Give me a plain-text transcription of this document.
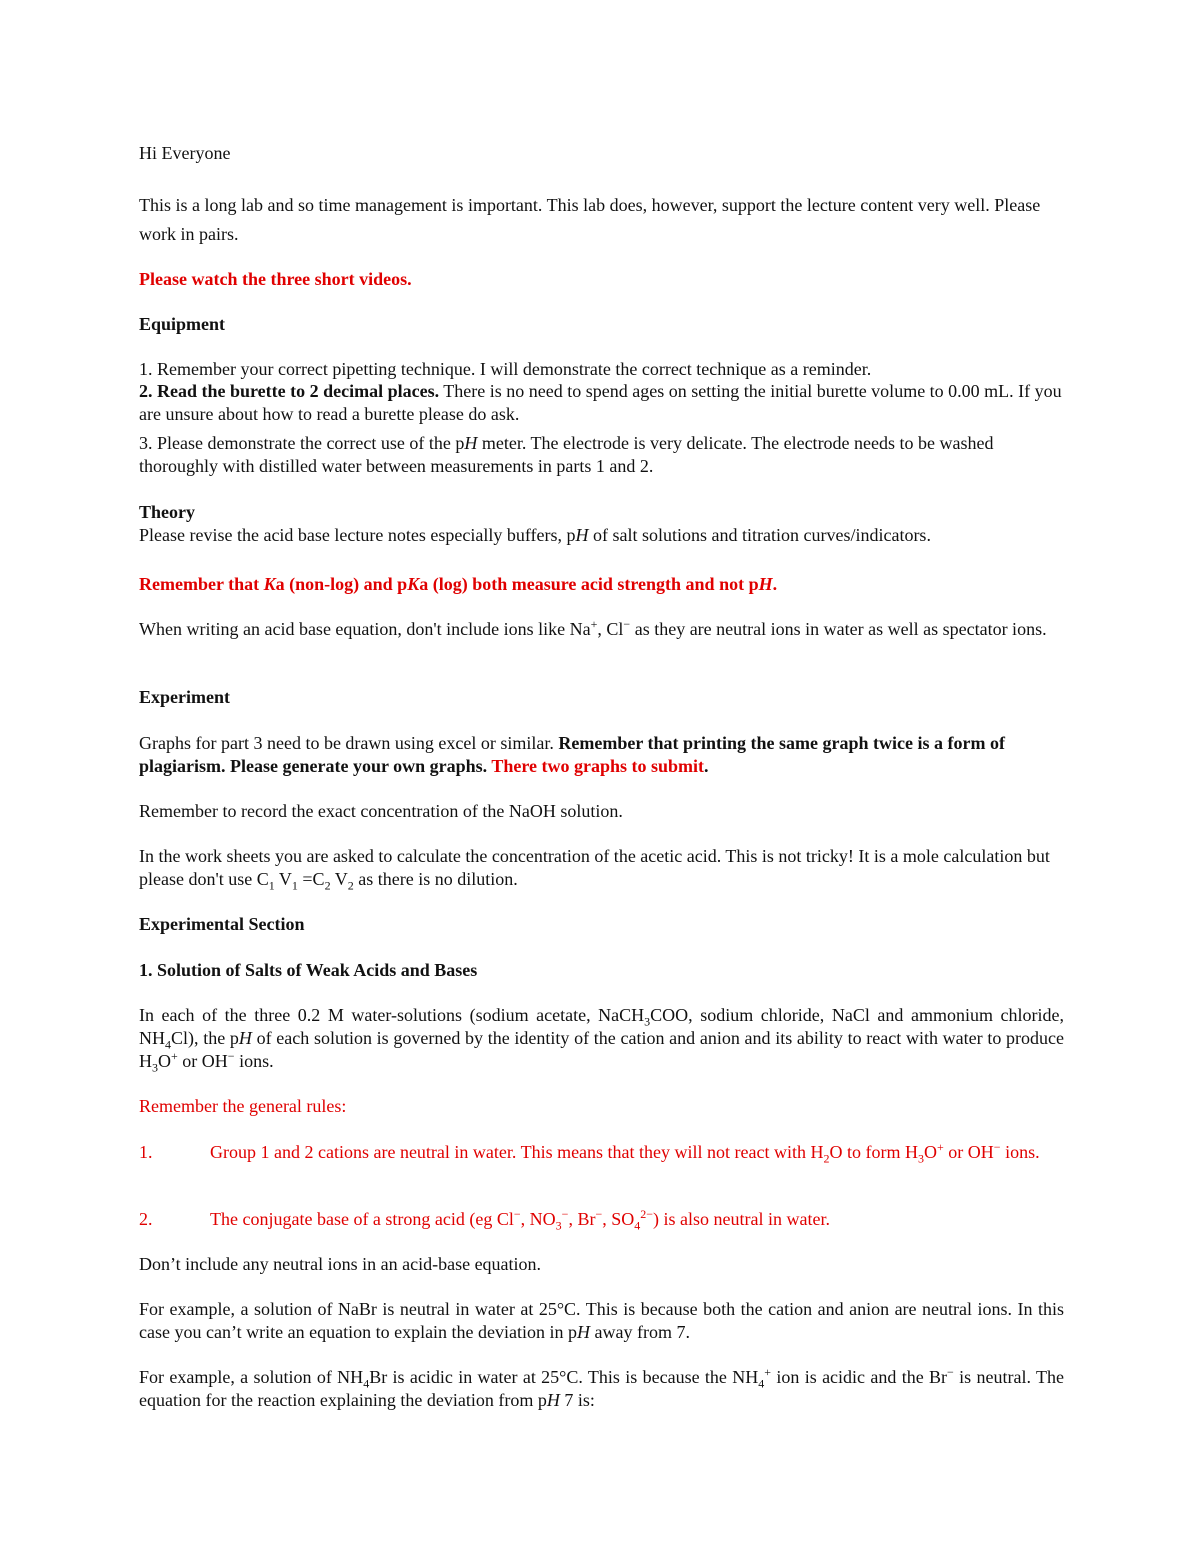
Hi Everyone

This is a long lab and so time management is important. This lab does, however, support the lecture content very well. Please work in pairs.

Please watch the three short videos.

Equipment

1. Remember your correct pipetting technique. I will demonstrate the correct technique as a reminder.

2. Read the burette to 2 decimal places. There is no need to spend ages on setting the initial burette volume to 0.00 mL. If you are unsure about how to read a burette please do ask.

3. Please demonstrate the correct use of the pH meter. The electrode is very delicate. The electrode needs to be washed thoroughly with distilled water between measurements in parts 1 and 2.

Theory

Please revise the acid base lecture notes especially buffers, pH of salt solutions and titration curves/indicators.

Remember that Ka (non-log) and pKa (log) both measure acid strength and not pH.

When writing an acid base equation, don't include ions like Na+, Cl− as they are neutral ions in water as well as spectator ions.

Experiment

Graphs for part 3 need to be drawn using excel or similar. Remember that printing the same graph twice is a form of plagiarism. Please generate your own graphs. There two graphs to submit.

Remember to record the exact concentration of the NaOH solution.

In the work sheets you are asked to calculate the concentration of the acetic acid. This is not tricky! It is a mole calculation but please don't use $C_1$ $V_1 =C_2$ $V_2$ as there is no dilution.

Experimental Section

1. Solution of Salts of Weak Acids and Bases

In each of the three 0.2 M water-solutions (sodium acetate, NaCH$_3$COO, sodium chloride, NaCl and ammonium chloride, $NH_4Cl$), the pH of each solution is governed by the identity of the cation and anion and its ability to react with water to produce $H_3O^+$ or OH− ions.

Remember the general rules:

1.	Group 1 and 2 cations are neutral in water. This means that they will not react with $H_2O$ to form $H_3O^+$ or OH− ions.

2.	The conjugate base of a strong acid (eg Cl−, $NO_3^-$, Br−, $SO_4^{2-}$) is also neutral in water.

Don’t include any neutral ions in an acid-base equation.

For example, a solution of NaBr is neutral in water at 25°C. This is because both the cation and anion are neutral ions. In this case you can’t write an equation to explain the deviation in pH away from 7.

For example, a solution of $NH_4Br$ is acidic in water at 25°C. This is because the $NH_4^+$ ion is acidic and the Br− is neutral. The equation for the reaction explaining the deviation from pH 7 is:
